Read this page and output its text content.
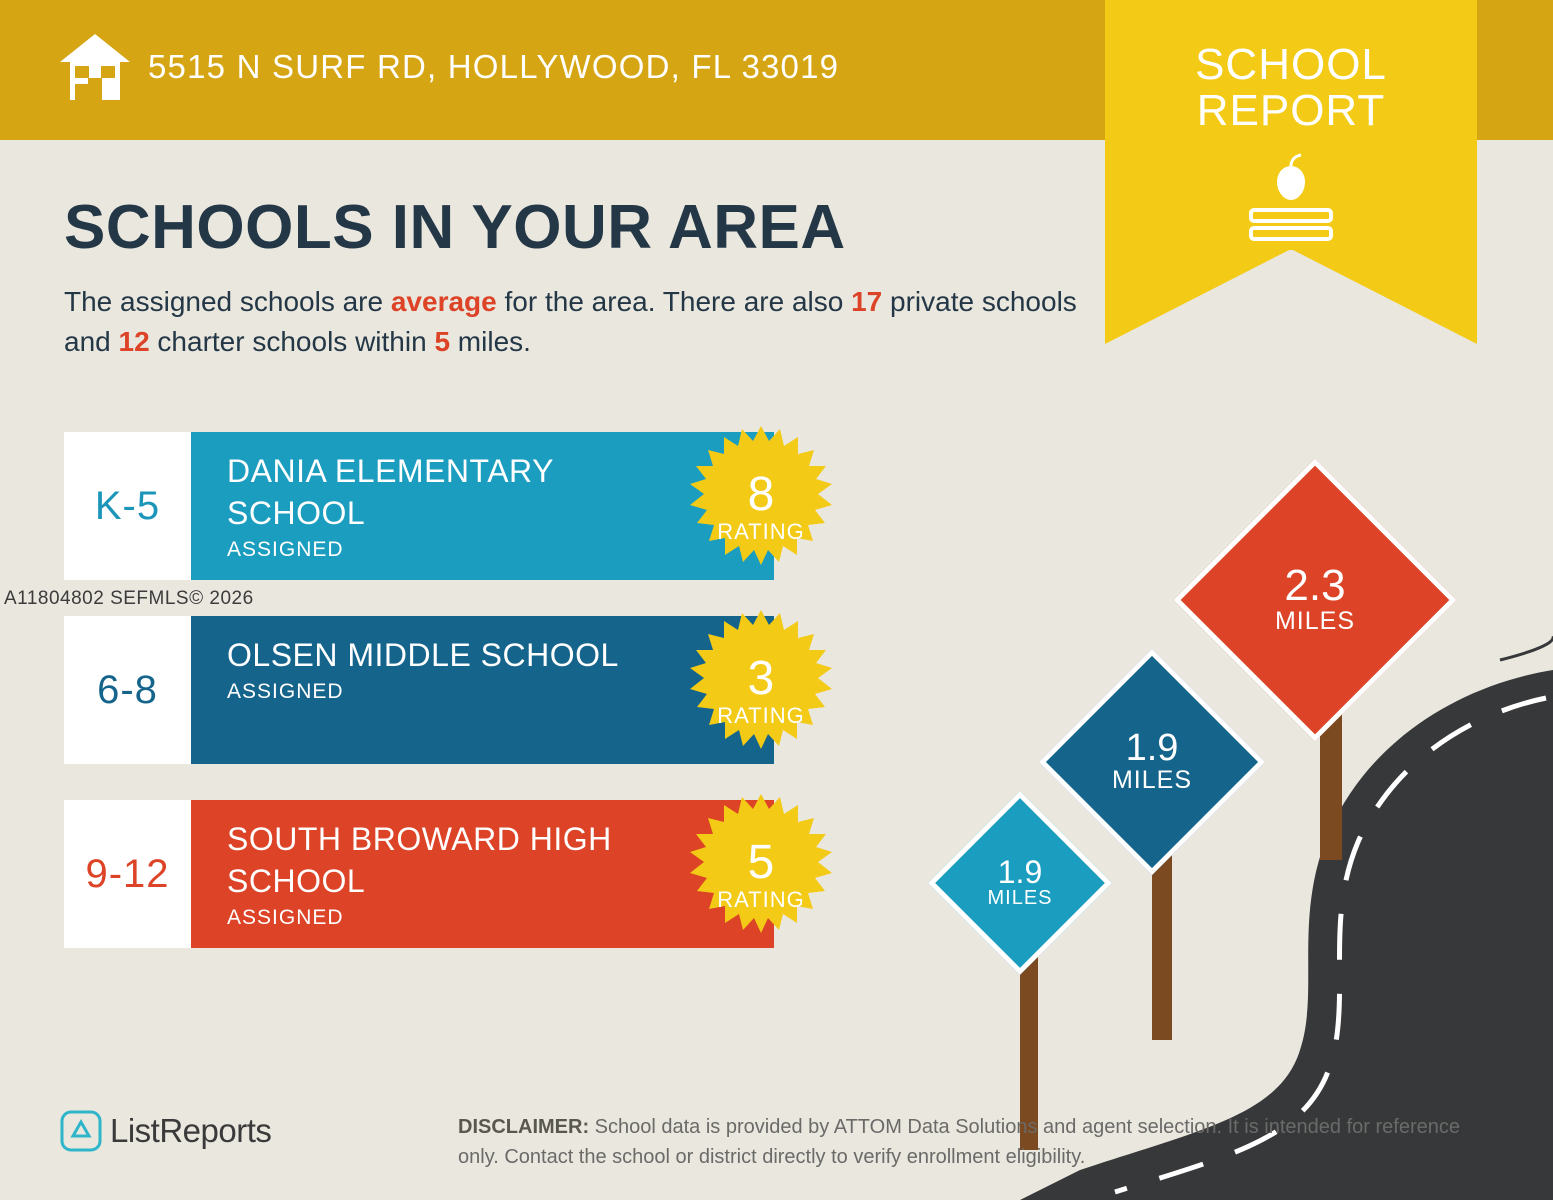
5515 N SURF RD, HOLLYWOOD, FL 33019	SCHOOL
REPORT
SCHOOLS IN YOUR AREA
The assigned schools are average for the area. There are also 17 private schools and 12 charter schools within 5 miles.
A11804802 SEFMLS© 2026
K-5
DANIA ELEMENTARY SCHOOL
ASSIGNED
8
RATING
6-8
OLSEN MIDDLE SCHOOL
ASSIGNED	3
RATING
9-12
SOUTH BROWARD HIGH SCHOOL
ASSIGNED
5
RATING
2.3
MILES
1.9
MILES
1.9
MILES
ListReports	DISCLAIMER: School data is provided by ATTOM Data Solutions and agent selection. It is intended for reference only. Contact the school or district directly to verify enrollment eligibility.
